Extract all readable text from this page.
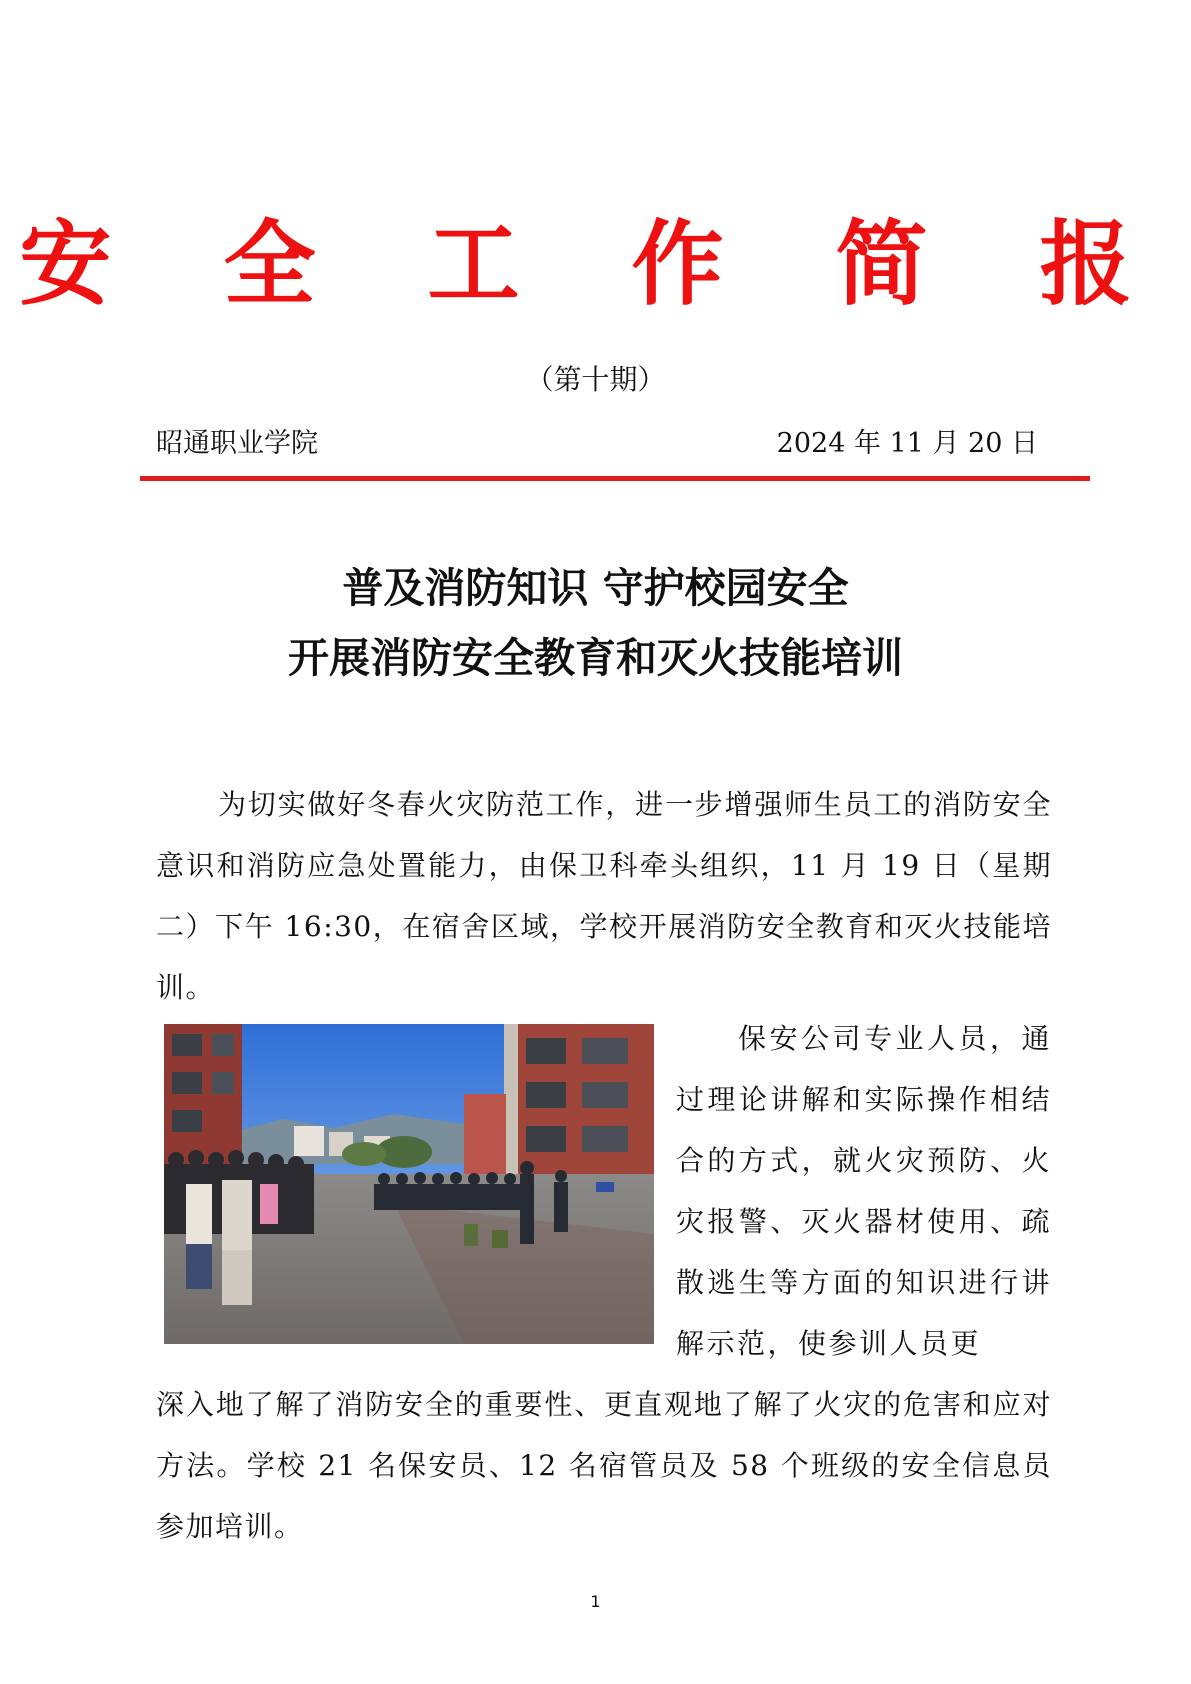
安 全 工 作 简 报
（第十期）
昭通职业学院	2024 年 11 月 20 日
普及消防知识 守护校园安全
开展消防安全教育和灭火技能培训

为切实做好冬春火灾防范工作，进一步增强师生员工的消防安全意识和消防应急处置能力，由保卫科牵头组织，11 月 19 日（星期二）下午 16:30，在宿舍区域，学校开展消防安全教育和灭火技能培训。

保安公司专业人员，通过理论讲解和实际操作相结合的方式，就火灾预防、火灾报警、灭火器材使用、疏散逃生等方面的知识进行讲解示范，使参训人员更

深入地了解了消防安全的重要性、更直观地了解了火灾的危害和应对方法。学校 21 名保安员、12 名宿管员及 58 个班级的安全信息员参加培训。

1
